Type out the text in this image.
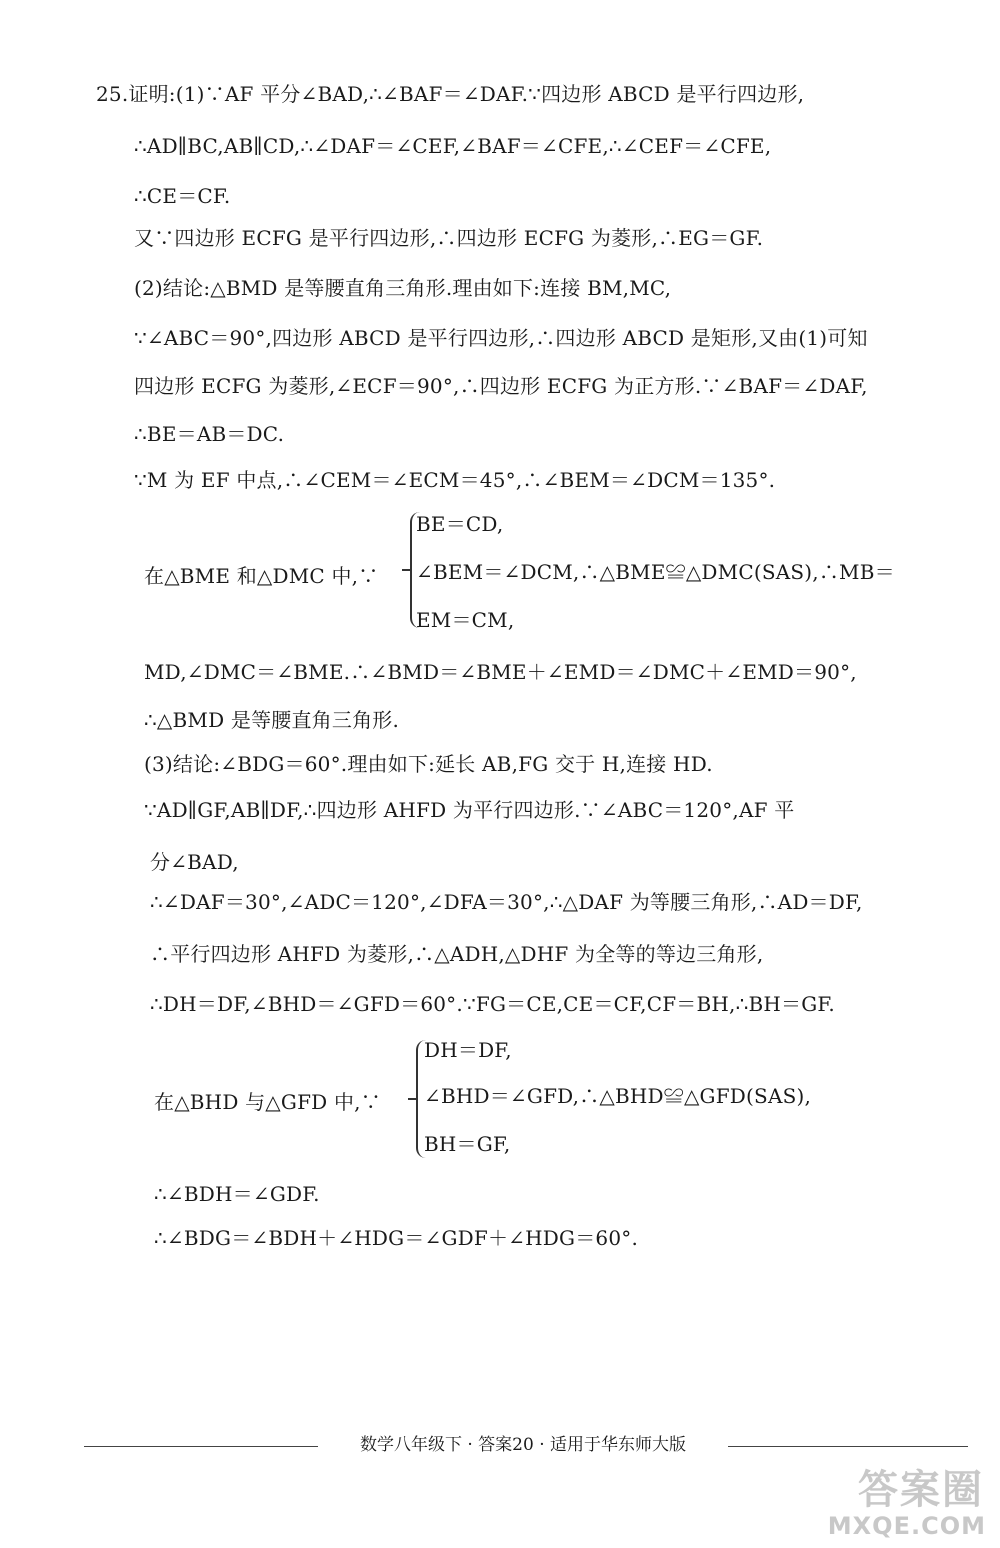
25.证明:(1)∵AF 平分∠BAD,∴∠BAF＝∠DAF.∵四边形 ABCD 是平行四边形,
∴AD∥BC,AB∥CD,∴∠DAF＝∠CEF,∠BAF＝∠CFE,∴∠CEF＝∠CFE,
∴CE＝CF.
又∵四边形 ECFG 是平行四边形,∴四边形 ECFG 为菱形,∴EG＝GF.
(2)结论:△BMD 是等腰直角三角形.理由如下:连接 BM,MC,
∵∠ABC＝90°,四边形 ABCD 是平行四边形,∴四边形 ABCD 是矩形,又由(1)可知
四边形 ECFG 为菱形,∠ECF＝90°,∴四边形 ECFG 为正方形.∵∠BAF＝∠DAF,
∴BE＝AB＝DC.
∵M 为 EF 中点,∴∠CEM＝∠ECM＝45°,∴∠BEM＝∠DCM＝135°.
BE＝CD,
在△BME 和△DMC 中,∵ ∠BEM＝∠DCM,∴△BME≌△DMC(SAS),∴MB＝
EM＝CM,
MD,∠DMC＝∠BME.∴∠BMD＝∠BME＋∠EMD＝∠DMC＋∠EMD＝90°,
∴△BMD 是等腰直角三角形.
(3)结论:∠BDG＝60°.理由如下:延长 AB,FG 交于 H,连接 HD.
∵AD∥GF,AB∥DF,∴四边形 AHFD 为平行四边形.∵∠ABC＝120°,AF 平
分∠BAD,
∴∠DAF＝30°,∠ADC＝120°,∠DFA＝30°,∴△DAF 为等腰三角形,∴AD＝DF,
∴平行四边形 AHFD 为菱形,∴△ADH,△DHF 为全等的等边三角形,
∴DH＝DF,∠BHD＝∠GFD＝60°.∵FG＝CE,CE＝CF,CF＝BH,∴BH＝GF.
DH＝DF,
在△BHD 与△GFD 中,∵ ∠BHD＝∠GFD,∴△BHD≌△GFD(SAS),
BH＝GF,
∴∠BDH＝∠GDF.
∴∠BDG＝∠BDH＋∠HDG＝∠GDF＋∠HDG＝60°.
数学八年级下 · 答案20 · 适用于华东师大版
答案圈
MXQE.COM
